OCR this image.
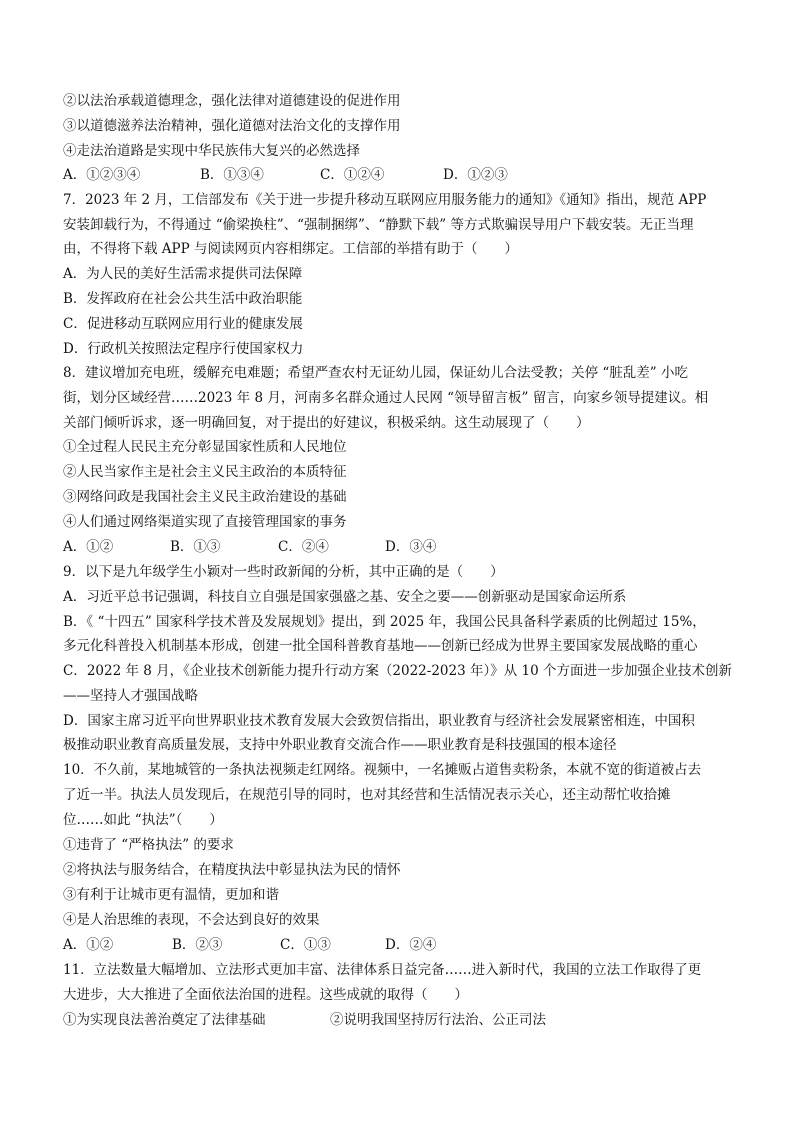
②以法治承载道德理念，强化法律对道德建设的促进作用
③以道德滋养法治精神，强化道德对法治文化的支撑作用
④走法治道路是实现中华民族伟大复兴的必然选择
A．①②③④	B．①③④	C．①②④	D．①②③
7．2023 年 2 月，工信部发布《关于进一步提升移动互联网应用服务能力的通知》《通知》指出，规范 APP
安装卸载行为，不得通过 “偷梁换柱”、“强制捆绑”、“静默下载” 等方式欺骗误导用户下载安装。无正当理
由，不得将下载 APP 与阅读网页内容相绑定。工信部的举措有助于（　　）
A．为人民的美好生活需求提供司法保障
B．发挥政府在社会公共生活中政治职能
C．促进移动互联网应用行业的健康发展
D．行政机关按照法定程序行使国家权力
8．建议增加充电班，缓解充电难题；希望严查农村无证幼儿园，保证幼儿合法受教；关停 “脏乱差” 小吃
街，划分区域经营……2023 年 8 月，河南多名群众通过人民网 “领导留言板” 留言，向家乡领导提建议。相
关部门倾听诉求，逐一明确回复，对于提出的好建议，积极采纳。这生动展现了（　　）
①全过程人民民主充分彰显国家性质和人民地位
②人民当家作主是社会主义民主政治的本质特征
③网络问政是我国社会主义民主政治建设的基础
④人们通过网络渠道实现了直接管理国家的事务
A．①②	B．①③	C．②④	D．③④
9．以下是九年级学生小颖对一些时政新闻的分析，其中正确的是（　　）
A．习近平总书记强调，科技自立自强是国家强盛之基、安全之要——创新驱动是国家命运所系
B．《 “十四五” 国家科学技术普及发展规划》提出，到 2025 年，我国公民具备科学素质的比例超过 15%，
多元化科普投入机制基本形成，创建一批全国科普教育基地——创新已经成为世界主要国家发展战略的重心
C．2022 年 8 月，《企业技术创新能力提升行动方案（2022-2023 年）》从 10 个方面进一步加强企业技术创新
——坚持人才强国战略
D．国家主席习近平向世界职业技术教育发展大会致贺信指出，职业教育与经济社会发展紧密相连，中国积
极推动职业教育高质量发展，支持中外职业教育交流合作——职业教育是科技强国的根本途径
10．不久前，某地城管的一条执法视频走红网络。视频中，一名摊贩占道售卖粉条，本就不宽的街道被占去
了近一半。执法人员发现后，在规范引导的同时，也对其经营和生活情况表示关心，还主动帮忙收拾摊
位……如此 “执法”（　　）
①违背了 “严格执法” 的要求
②将执法与服务结合，在精度执法中彰显执法为民的情怀
③有利于让城市更有温情，更加和谐
④是人治思维的表现，不会达到良好的效果
A．①②	B．②③	C．①③	D．②④
11．立法数量大幅增加、立法形式更加丰富、法律体系日益完备……进入新时代，我国的立法工作取得了更
大进步，大大推进了全面依法治国的进程。这些成就的取得（　　）
①为实现良法善治奠定了法律基础	②说明我国坚持厉行法治、公正司法
